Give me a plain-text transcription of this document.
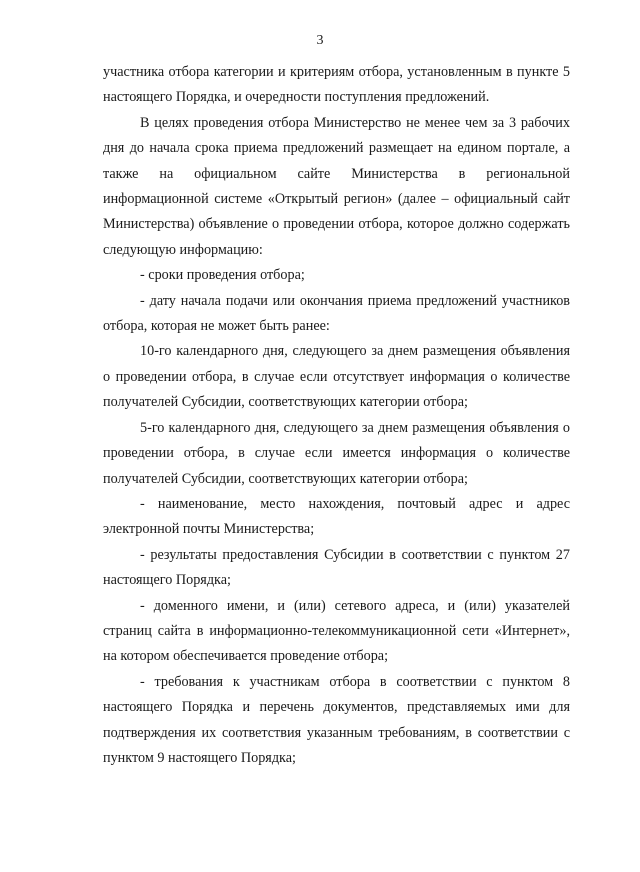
3

участника отбора категории и критериям отбора, установленным в пункте 5 настоящего Порядка, и очередности поступления предложений.

В целях проведения отбора Министерство не менее чем за 3 рабочих дня до начала срока приема предложений размещает на едином портале, а также на официальном сайте Министерства в региональной информационной системе «Открытый регион» (далее – официальный сайт Министерства) объявление о проведении отбора, которое должно содержать следующую информацию:

- сроки проведения отбора;

- дату начала подачи или окончания приема предложений участников отбора, которая не может быть ранее:

10-го календарного дня, следующего за днем размещения объявления о проведении отбора, в случае если отсутствует информация о количестве получателей Субсидии, соответствующих категории отбора;

5-го календарного дня, следующего за днем размещения объявления о проведении отбора, в случае если имеется информация о количестве получателей Субсидии, соответствующих категории отбора;

- наименование, место нахождения, почтовый адрес и адрес электронной почты Министерства;

- результаты предоставления Субсидии в соответствии с пунктом 27 настоящего Порядка;

- доменного имени, и (или) сетевого адреса, и (или) указателей страниц сайта в информационно-телекоммуникационной сети «Интернет», на котором обеспечивается проведение отбора;

- требования к участникам отбора в соответствии с пунктом 8 настоящего Порядка и перечень документов, представляемых ими для подтверждения их соответствия указанным требованиям, в соответствии с пунктом 9 настоящего Порядка;
